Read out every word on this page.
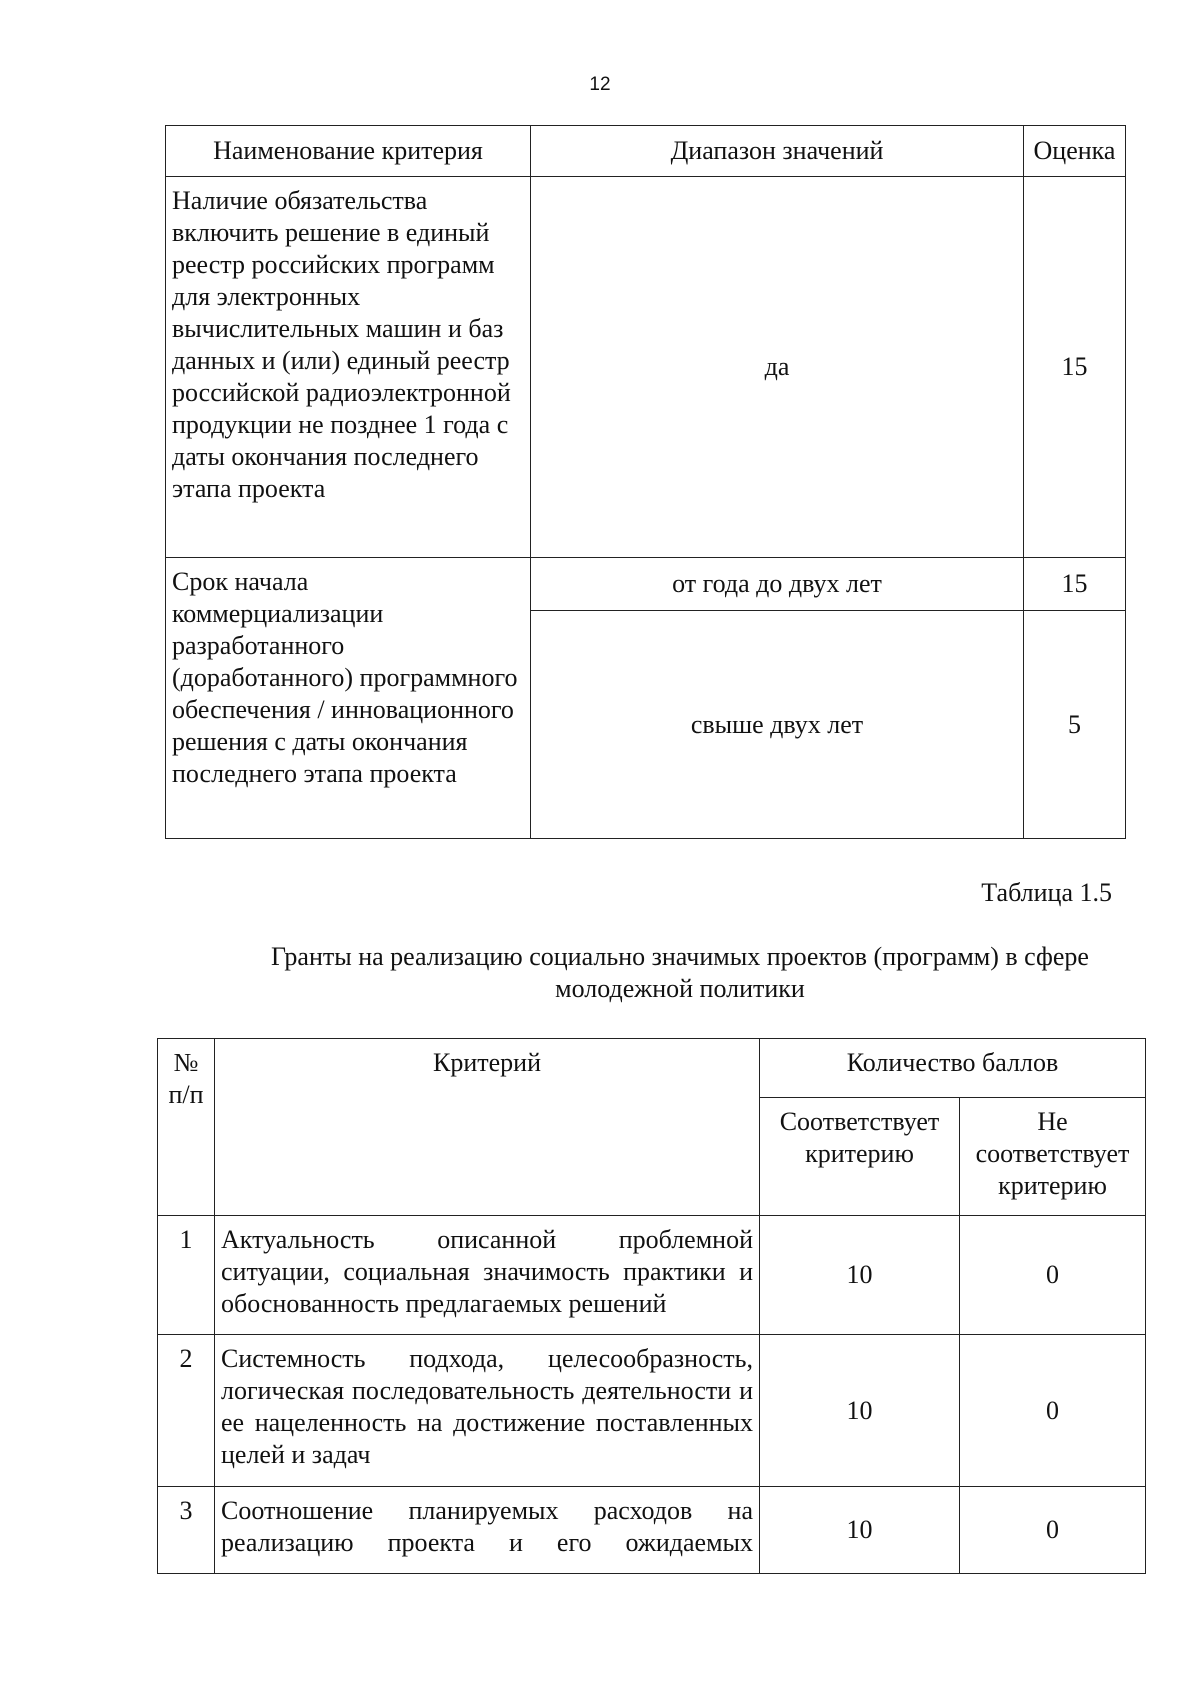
12
Наименование критерия	Диапазон значений	Оценка
Наличие обязательства включить решение в единый реестр российских программ для электронных вычислительных машин и баз данных и (или) единый реестр российской радиоэлектронной продукции не позднее 1 года с даты окончания последнего этапа проекта	да	15
Срок начала коммерциализации разработанного (доработанного) программного обеспечения / инновационного решения с даты окончания последнего этапа проекта	от года до двух лет	15
	свыше двух лет	5
Таблица 1.5
Гранты на реализацию социально значимых проектов (программ) в сфере молодежной политики
№ п/п	Критерий	Количество баллов	
		Соответствует критерию	Не соответствует критерию
1	Актуальность описанной проблемной ситуации, социальная значимость практики и обоснованность предлагаемых решений	10	0
2	Системность подхода, целесообразность, логическая последовательность деятельности и ее нацеленность на достижение поставленных целей и задач	10	0
3	Соотношение планируемых расходов на реализацию проекта и его ожидаемых	10	0
